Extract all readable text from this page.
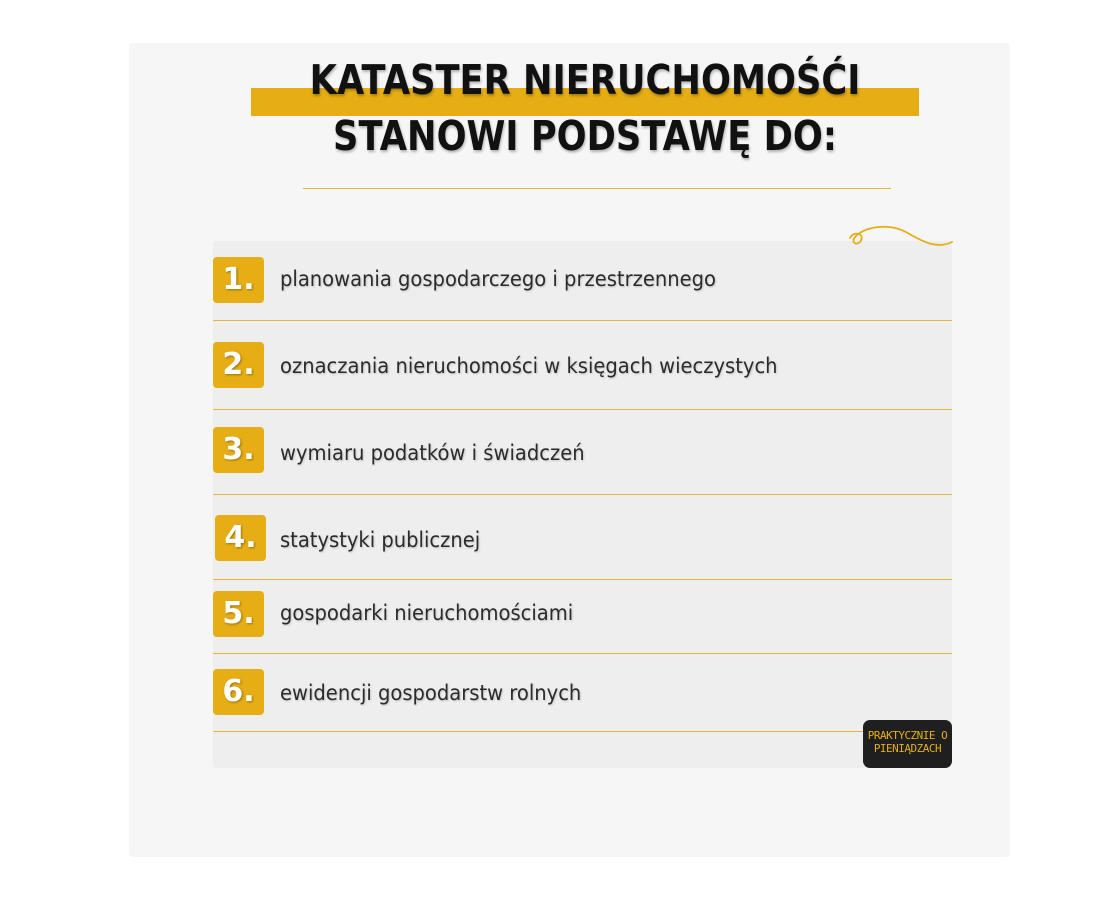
KATASTER NIERUCHOMOŚĆI
STANOWI PODSTAWĘ DO:
1.	planowania gospodarczego i przestrzennego
2.	oznaczania nieruchomości w księgach wieczystych
3.	wymiaru podatków i świadczeń
4.	statystyki publicznej
5.	gospodarki nieruchomościami
6.	ewidencji gospodarstw rolnych
PRAKTYCZNIE O
PIENIĄDZACH
